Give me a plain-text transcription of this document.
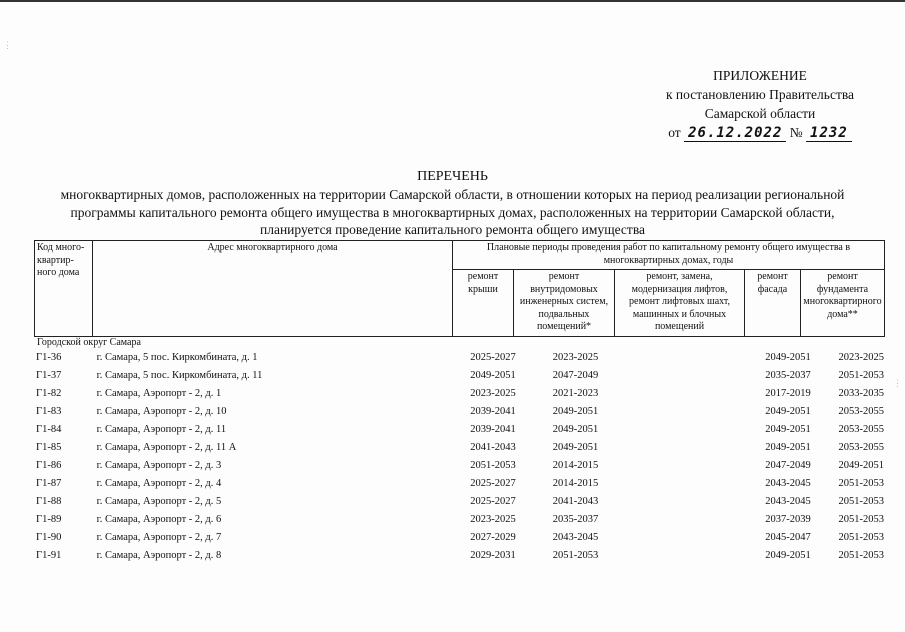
ПРИЛОЖЕНИЕ
к постановлению Правительства
Самарской области
от 26.12.2022 № 1232
ПЕРЕЧЕНЬ
многоквартирных домов, расположенных на территории Самарской области, в отношении которых на период реализации региональной
программы капитального ремонта общего имущества в многоквартирных домах, расположенных на территории Самарской области,
планируется проведение капитального ремонта общего имущества
Код много-квартир-ного дома	Адрес многоквартирного дома	Плановые периоды проведения работ по капитальному ремонту общего имущества в многоквартирных домах, годы				
		ремонт крыши	ремонт внутридомовых инженерных систем, подвальных помещений*	ремонт, замена, модернизация лифтов, ремонт лифтовых шахт, машинных и блочных помещений	ремонт фасада	ремонт фундамента многоквартирного дома**
Городской округ Самара
Г1-36	г. Самара, 5 пос. Киркомбината, д. 1	2025-2027	2023-2025		2049-2051	2023-2025
Г1-37	г. Самара, 5 пос. Киркомбината, д. 11	2049-2051	2047-2049		2035-2037	2051-2053
Г1-82	г. Самара, Аэропорт - 2, д. 1	2023-2025	2021-2023		2017-2019	2033-2035
Г1-83	г. Самара, Аэропорт - 2, д. 10	2039-2041	2049-2051		2049-2051	2053-2055
Г1-84	г. Самара, Аэропорт - 2, д. 11	2039-2041	2049-2051		2049-2051	2053-2055
Г1-85	г. Самара, Аэропорт - 2, д. 11 А	2041-2043	2049-2051		2049-2051	2053-2055
Г1-86	г. Самара, Аэропорт - 2, д. 3	2051-2053	2014-2015		2047-2049	2049-2051
Г1-87	г. Самара, Аэропорт - 2, д. 4	2025-2027	2014-2015		2043-2045	2051-2053
Г1-88	г. Самара, Аэропорт - 2, д. 5	2025-2027	2041-2043		2043-2045	2051-2053
Г1-89	г. Самара, Аэропорт - 2, д. 6	2023-2025	2035-2037		2037-2039	2051-2053
Г1-90	г. Самара, Аэропорт - 2, д. 7	2027-2029	2043-2045		2045-2047	2051-2053
Г1-91	г. Самара, Аэропорт - 2, д. 8	2029-2031	2051-2053		2049-2051	2051-2053
⋮
⋮
